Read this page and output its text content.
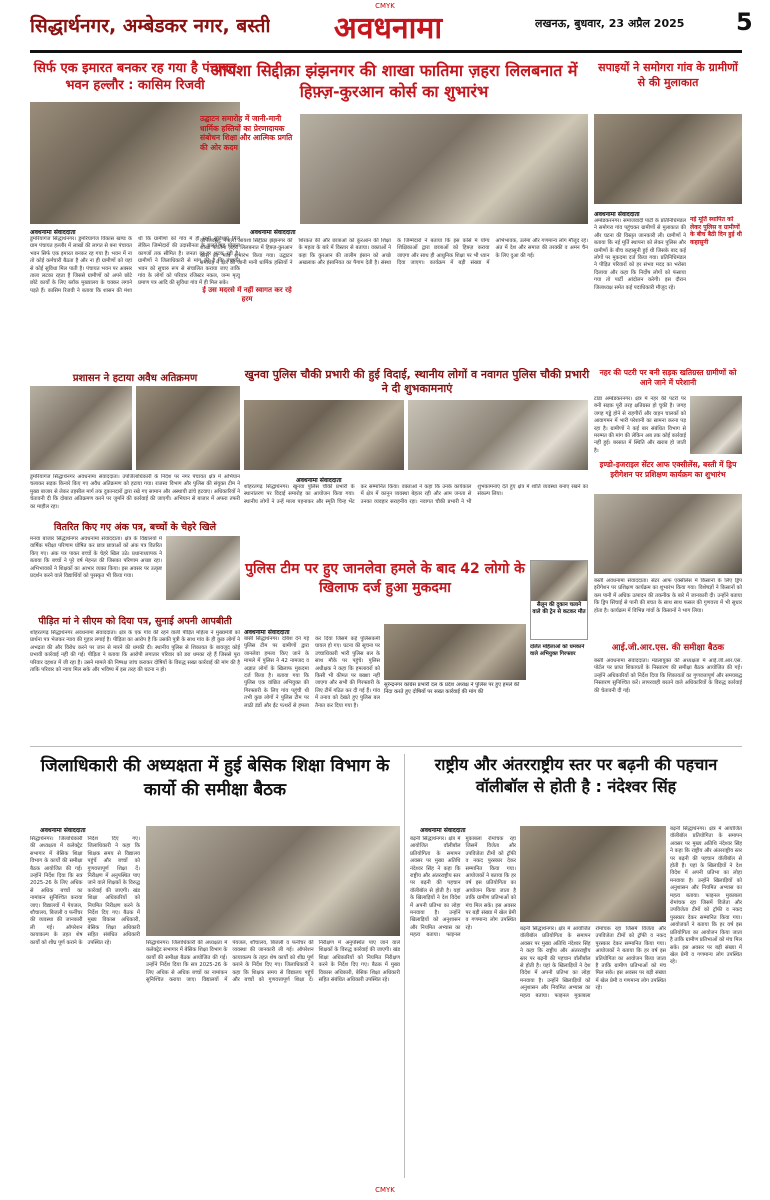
CMYK
सिद्धार्थनगर, अम्बेडकर नगर, बस्ती	अवधनामा	लखनऊ, बुधवार, 23 अप्रैल 2025 5
सिर्फ एक इमारत बनकर रह गया है पंचायत भवन हल्लौर : कासिम रिजवी
अवधनामा संवाददाता
डुमरियागंज सिद्धार्थनगर। डुमरियागंज विकास खण्ड के ग्राम पंचायत हल्लौर में लाखों की लागत से बना पंचायत भवन सिर्फ एक इमारत बनकर रह गया है। भवन में ना तो कोई कर्मचारी बैठता है और ना ही ग्रामीणों को यहां से कोई सुविधा मिल पाती है। पंचायत भवन पर अक्सर ताला लटका रहता है जिससे ग्रामीणों को अपने छोटे छोटे कार्यों के लिए ब्लॉक मुख्यालय के चक्कर लगाने पड़ते हैं। कासिम रिजवी ने बताया कि शासन की मंशा थी कि ग्रामीणों को गांव में ही सभी सुविधाएं मिलें लेकिन जिम्मेदारों की उदासीनता के चलते यह योजना कागजों तक सीमित है। जनता दर-दर भटक रही है। ग्रामीणों ने जिलाधिकारी से मांग की है कि पंचायत भवन को सुचारु रूप से संचालित कराया जाए ताकि गांव के लोगों को परिवार रजिस्टर नकल, जन्म मृत्यु प्रमाण पत्र आदि की सुविधा गांव में ही मिल सके।
प्रशासन ने हटाया अवैध अतिक्रमण
डुमरियागंज सिद्धार्थनगर अवधनामा संवाददाता। उपजिलाधिकारी के निर्देश पर नगर पंचायत क्षेत्र में अभियान चलाकर सड़क किनारे किए गए अवैध अतिक्रमण को हटाया गया। राजस्व विभाग और पुलिस की संयुक्त टीम ने मुख्य बाजार से लेकर तहसील मार्ग तक दुकानदारों द्वारा रखे गए सामान और अस्थायी ढांचे हटवाए। अधिकारियों ने चेतावनी दी कि दोबारा अतिक्रमण करने पर जुर्माने की कार्रवाई की जाएगी। अभियान से बाजार में अफरा तफरी का माहौल रहा।
वितरित किए गए अंक पत्र, बच्चों के चेहरे खिले
मनवा बाजार सिद्धार्थनगर अवधनामा संवाददाता। क्षेत्र के विद्यालयों में वार्षिक परीक्षा परिणाम घोषित कर छात्र छात्राओं को अंक पत्र वितरित किए गए। अंक पत्र पाकर बच्चों के चेहरे खिल उठे। प्रधानाध्यापक ने बताया कि बच्चों ने पूरे वर्ष मेहनत की जिसका परिणाम अच्छा रहा। अभिभावकों ने शिक्षकों का आभार व्यक्त किया। इस अवसर पर उत्कृष्ट प्रदर्शन करने वाले विद्यार्थियों को पुरस्कृत भी किया गया।
पीड़ित मां ने सीएम को दिया पत्र, सुनाई अपनी आपबीती
शोहरतगढ़ सिद्धार्थनगर अवधनामा संवाददाता। क्षेत्र के एक गांव की रहने वाली पीड़ित महिला ने मुख्यमंत्री को प्रार्थना पत्र भेजकर न्याय की गुहार लगाई है। पीड़िता का आरोप है कि उसकी पुत्री के साथ गांव के ही कुछ लोगों ने अभद्रता की और विरोध करने पर जान से मारने की धमकी दी। स्थानीय पुलिस से शिकायत के बावजूद कोई प्रभावी कार्रवाई नहीं की गई। पीड़िता ने बताया कि आरोपी लगातार परिवार को डरा धमका रहे हैं जिससे पूरा परिवार दहशत में जी रहा है। उसने मामले की निष्पक्ष जांच कराकर दोषियों के विरुद्ध सख्त कार्रवाई की मांग की है ताकि परिवार को न्याय मिल सके और भविष्य में इस तरह की घटना न हो।
आयशा सिद्दीक़ा झंझनगर की शाखा फातिमा ज़हरा लिलबनात में हिफ़्ज़-कुरआन कोर्स का शुभारंभ
उद्घाटन समारोह में जानी-मानी धार्मिक हस्तियों का प्रेरणादायक संबोधन शिक्षा और आत्मिक प्रगति की ओर कदम
अवधनामा संवाददाता
कपिलवस्तु, नेपाल। आयशा सिद्दीक़ा झंझनगर की शाखा फातिमा ज़हरा लिलबनात में हिफ़्ज़-कुरआन कोर्स का भव्य शुभारंभ किया गया। उद्घाटन समारोह में क्षेत्र की जानी मानी धार्मिक हस्तियों ने शिरकत की और छात्राओं को कुरआन की शिक्षा के महत्व के बारे में विस्तार से बताया। वक्ताओं ने कहा कि कुरआन की तालीम इंसान को अच्छे अखलाक और इंसानियत का पैगाम देती है। संस्था के जिम्मेदारों ने बताया कि इस कोर्स में योग्य शिक्षिकाओं द्वारा छात्राओं को हिफ़्ज़ कराया जाएगा और साथ ही आधुनिक शिक्षा पर भी ध्यान दिया जाएगा। कार्यक्रम में बड़ी संख्या में अभिभावक, उलेमा और गणमान्य लोग मौजूद रहे। अंत में देश और समाज की तरक्की व अमन चैन के लिए दुआ की गई।
ई उस मदरसे में नहीं स्वागत कर रहे हरम
सपाइयों ने समोगरा गांव के ग्रामीणों से की मुलाकात
अवधनामा संवाददाता
नई मूर्ति स्थापित को लेकर पुलिस व ग्रामीणों के बीच बैठी दिन हुई थी कहासुनी
अम्बेडकरनगर। समाजवादी पार्टी के प्रतिनिधिमंडल ने समोगरा गांव पहुंचकर ग्रामीणों से मुलाकात की और घटना की विस्तृत जानकारी ली। ग्रामीणों ने बताया कि नई मूर्ति स्थापना को लेकर पुलिस और ग्रामीणों के बीच कहासुनी हुई थी जिसके बाद कई लोगों पर मुकदमा दर्ज किया गया। प्रतिनिधिमंडल ने पीड़ित परिवारों को हर संभव मदद का भरोसा दिलाया और कहा कि निर्दोष लोगों को फंसाया गया तो पार्टी आंदोलन करेगी। इस दौरान जिलाध्यक्ष समेत कई पदाधिकारी मौजूद रहे।
नहर की पटरी पर बनी सड़क खतिग्रस्त ग्रामीणों को आने जाने में परेशानी
टांडा अम्बेडकरनगर। क्षेत्र में नहर की पटरी पर बनी सड़क पूरी तरह क्षतिग्रस्त हो चुकी है। जगह जगह गड्ढे होने से राहगीरों और वाहन चालकों को आवागमन में भारी परेशानी का सामना करना पड़ रहा है। ग्रामीणों ने कई बार संबंधित विभाग से मरम्मत की मांग की लेकिन अब तक कोई कार्रवाई नहीं हुई। बरसात में स्थिति और खराब हो जाती है।
इण्डो-इजराइल सेंटर आफ एक्सीलेंस, बस्ती में ड्रिप इरीगेशन पर प्रशिक्षण कार्यक्रम का शुभारंभ
बस्ती अवधनामा संवाददाता। सेंटर आफ एक्सीलेंस में किसानों के लिए ड्रिप इरीगेशन पर प्रशिक्षण कार्यक्रम का शुभारंभ किया गया। विशेषज्ञों ने किसानों को कम पानी में अधिक उत्पादन की तकनीक के बारे में जानकारी दी। उन्होंने बताया कि ड्रिप सिंचाई से पानी की बचत के साथ साथ फसल की गुणवत्ता में भी सुधार होता है। कार्यक्रम में विभिन्न गांवों के किसानों ने भाग लिया।
आई.जी.आर.एस. की समीक्षा बैठक
बस्ती अवधनामा संवाददाता। मंडलायुक्त की अध्यक्षता में आई.जी.आर.एस. पोर्टल पर प्राप्त शिकायतों के निस्तारण की समीक्षा बैठक आयोजित की गई। उन्होंने अधिकारियों को निर्देश दिया कि शिकायतों का गुणवत्तापूर्ण और समयबद्ध निस्तारण सुनिश्चित करें। लापरवाही बरतने वाले अधिकारियों के विरुद्ध कार्रवाई की चेतावनी दी गई।
खुनवा पुलिस चौकी प्रभारी की हुई विदाई, स्थानीय लोगों व नवागत पुलिस चौकी प्रभारी ने दी शुभकामनाएं
अवधनामा संवाददाता
शोहरतगढ़ सिद्धार्थनगर। खुनवा पुलिस चौकी प्रभारी के स्थानांतरण पर विदाई समारोह का आयोजन किया गया। स्थानीय लोगों ने उन्हें माला पहनाकर और स्मृति चिन्ह भेंट कर सम्मानित किया। वक्ताओं ने कहा कि उनके कार्यकाल में क्षेत्र में कानून व्यवस्था बेहतर रही और आम जनता से उनका व्यवहार सराहनीय रहा। नवागत चौकी प्रभारी ने भी शुभकामनाएं देते हुए क्षेत्र में शांति व्यवस्था बनाए रखने का संकल्प लिया।
पुलिस टीम पर हुए जानलेवा हमले के बाद 42 लोगो के खिलाफ दर्ज हुआ मुकदमा
सैलून की दुकान चलाने वाले की ट्रेन से कटकर मौत
सुरेन्द्रनगर कांग्रेस प्रभारी दल के प्रदेश अध्यक्ष ने पुलिस पर हुए हमले की निंदा करते हुए दोषियों पर सख्त कार्रवाई की मांग की
अवधनामा संवाददाता
बांसी सिद्धार्थनगर। दबिश देने गई पुलिस टीम पर ग्रामीणों द्वारा जानलेवा हमला किए जाने के मामले में पुलिस ने 42 नामजद व अज्ञात लोगों के खिलाफ मुकदमा दर्ज किया है। बताया गया कि पुलिस एक वांछित अभियुक्त की गिरफ्तारी के लिए गांव पहुंची थी तभी कुछ लोगों ने पुलिस टीम पर लाठी डंडों और ईंट पत्थरों से हमला कर दिया जिसमें कई पुलिसकर्मी घायल हो गए। घटना की सूचना पर उच्चाधिकारी भारी पुलिस बल के साथ मौके पर पहुंचे। पुलिस अधीक्षक ने कहा कि हमलावरों को किसी भी कीमत पर बख्शा नहीं जाएगा और सभी की गिरफ्तारी के लिए टीमें गठित कर दी गई हैं। गांव में तनाव को देखते हुए पुलिस बल तैनात कर दिया गया है।
दलित महिलाओं को धमकाने वाले अभियुक्त गिरफ्तार
जिलाधिकारी की अध्यक्षता में हुई बेसिक शिक्षा विभाग के कार्यो की समीक्षा बैठक
अवधनामा संवाददाता
सिद्धार्थनगर। जिलाधिकारी की अध्यक्षता में कलेक्ट्रेट सभागार में बेसिक शिक्षा विभाग के कार्यों की समीक्षा बैठक आयोजित की गई। उन्होंने निर्देश दिया कि सत्र 2025-26 के लिए अधिक से अधिक बच्चों का नामांकन सुनिश्चित कराया जाए। विद्यालयों में पेयजल, शौचालय, बिजली व फर्नीचर की व्यवस्था की जानकारी ली गई। ऑपरेशन कायाकल्प के तहत शेष कार्यों को शीघ्र पूर्ण कराने के निर्देश दिए गए। जिलाधिकारी ने कहा कि शिक्षक समय से विद्यालय पहुंचें और बच्चों को गुणवत्तापूर्ण शिक्षा दें। निरीक्षण में अनुपस्थित पाए जाने वाले शिक्षकों के विरुद्ध कार्रवाई की जाएगी। खंड शिक्षा अधिकारियों को नियमित निरीक्षण करने के निर्देश दिए गए। बैठक में मुख्य विकास अधिकारी, बेसिक शिक्षा अधिकारी सहित संबंधित अधिकारी उपस्थित रहे।	सिद्धार्थनगर। जिलाधिकारी की अध्यक्षता में कलेक्ट्रेट सभागार में बेसिक शिक्षा विभाग के कार्यों की समीक्षा बैठक आयोजित की गई। उन्होंने निर्देश दिया कि सत्र 2025-26 के लिए अधिक से अधिक बच्चों का नामांकन सुनिश्चित कराया जाए। विद्यालयों में पेयजल, शौचालय, बिजली व फर्नीचर की व्यवस्था की जानकारी ली गई। ऑपरेशन कायाकल्प के तहत शेष कार्यों को शीघ्र पूर्ण कराने के निर्देश दिए गए। जिलाधिकारी ने कहा कि शिक्षक समय से विद्यालय पहुंचें और बच्चों को गुणवत्तापूर्ण शिक्षा दें। निरीक्षण में अनुपस्थित पाए जाने वाले शिक्षकों के विरुद्ध कार्रवाई की जाएगी। खंड शिक्षा अधिकारियों को नियमित निरीक्षण करने के निर्देश दिए गए। बैठक में मुख्य विकास अधिकारी, बेसिक शिक्षा अधिकारी सहित संबंधित अधिकारी उपस्थित रहे।
राष्ट्रीय और अंतरराष्ट्रीय स्तर पर बढ़नी की पहचान वॉलीबॉल से होती है : नंदेश्वर सिंह
अवधनामा संवाददाता
बढ़नी सिद्धार्थनगर। क्षेत्र में आयोजित वॉलीबॉल प्रतियोगिता के समापन अवसर पर मुख्य अतिथि नंदेश्वर सिंह ने कहा कि राष्ट्रीय और अंतरराष्ट्रीय स्तर पर बढ़नी की पहचान वॉलीबॉल से होती है। यहां के खिलाड़ियों ने देश विदेश में अपनी प्रतिभा का लोहा मनवाया है। उन्होंने खिलाड़ियों को अनुशासन और नियमित अभ्यास का महत्व बताया। फाइनल मुकाबला रोमांचक रहा जिसमें विजेता और उपविजेता टीमों को ट्रॉफी व नकद पुरस्कार देकर सम्मानित किया गया। आयोजकों ने बताया कि हर वर्ष इस प्रतियोगिता का आयोजन किया जाता है ताकि ग्रामीण प्रतिभाओं को मंच मिल सके। इस अवसर पर बड़ी संख्या में खेल प्रेमी व गणमान्य लोग उपस्थित रहे।	बढ़नी सिद्धार्थनगर। क्षेत्र में आयोजित वॉलीबॉल प्रतियोगिता के समापन अवसर पर मुख्य अतिथि नंदेश्वर सिंह ने कहा कि राष्ट्रीय और अंतरराष्ट्रीय स्तर पर बढ़नी की पहचान वॉलीबॉल से होती है। यहां के खिलाड़ियों ने देश विदेश में अपनी प्रतिभा का लोहा मनवाया है। उन्होंने खिलाड़ियों को अनुशासन और नियमित अभ्यास का महत्व बताया। फाइनल मुकाबला रोमांचक रहा जिसमें विजेता और उपविजेता टीमों को ट्रॉफी व नकद पुरस्कार देकर सम्मानित किया गया। आयोजकों ने बताया कि हर वर्ष इस प्रतियोगिता का आयोजन किया जाता है ताकि ग्रामीण प्रतिभाओं को मंच मिल सके। इस अवसर पर बड़ी संख्या में खेल प्रेमी व गणमान्य लोग उपस्थित रहे।
बढ़नी सिद्धार्थनगर। क्षेत्र में आयोजित वॉलीबॉल प्रतियोगिता के समापन अवसर पर मुख्य अतिथि नंदेश्वर सिंह ने कहा कि राष्ट्रीय और अंतरराष्ट्रीय स्तर पर बढ़नी की पहचान वॉलीबॉल से होती है। यहां के खिलाड़ियों ने देश विदेश में अपनी प्रतिभा का लोहा मनवाया है। उन्होंने खिलाड़ियों को अनुशासन और नियमित अभ्यास का महत्व बताया। फाइनल मुकाबला रोमांचक रहा जिसमें विजेता और उपविजेता टीमों को ट्रॉफी व नकद पुरस्कार देकर सम्मानित किया गया। आयोजकों ने बताया कि हर वर्ष इस प्रतियोगिता का आयोजन किया जाता है ताकि ग्रामीण प्रतिभाओं को मंच मिल सके। इस अवसर पर बड़ी संख्या में खेल प्रेमी व गणमान्य लोग उपस्थित रहे।
CMYK
